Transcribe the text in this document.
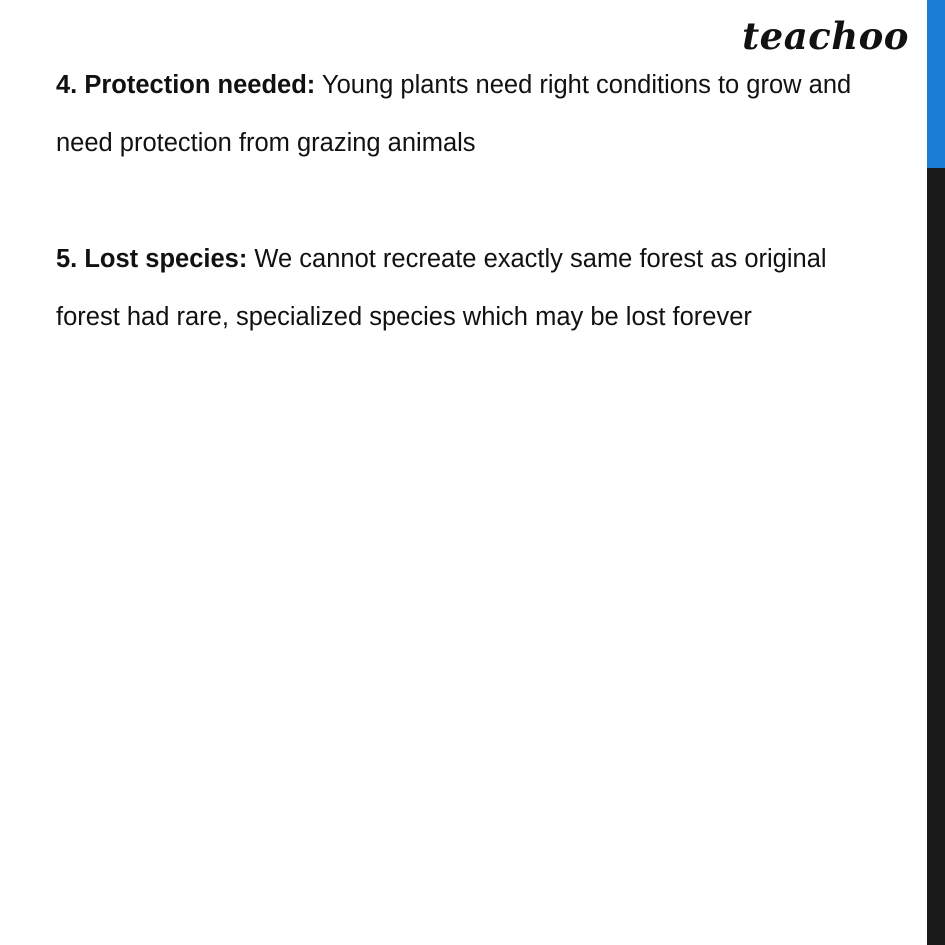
teachoo

4. Protection needed: Young plants need right conditions to grow and need protection from grazing animals

5. Lost species: We cannot recreate exactly same forest as original forest had rare, specialized species which may be lost forever
